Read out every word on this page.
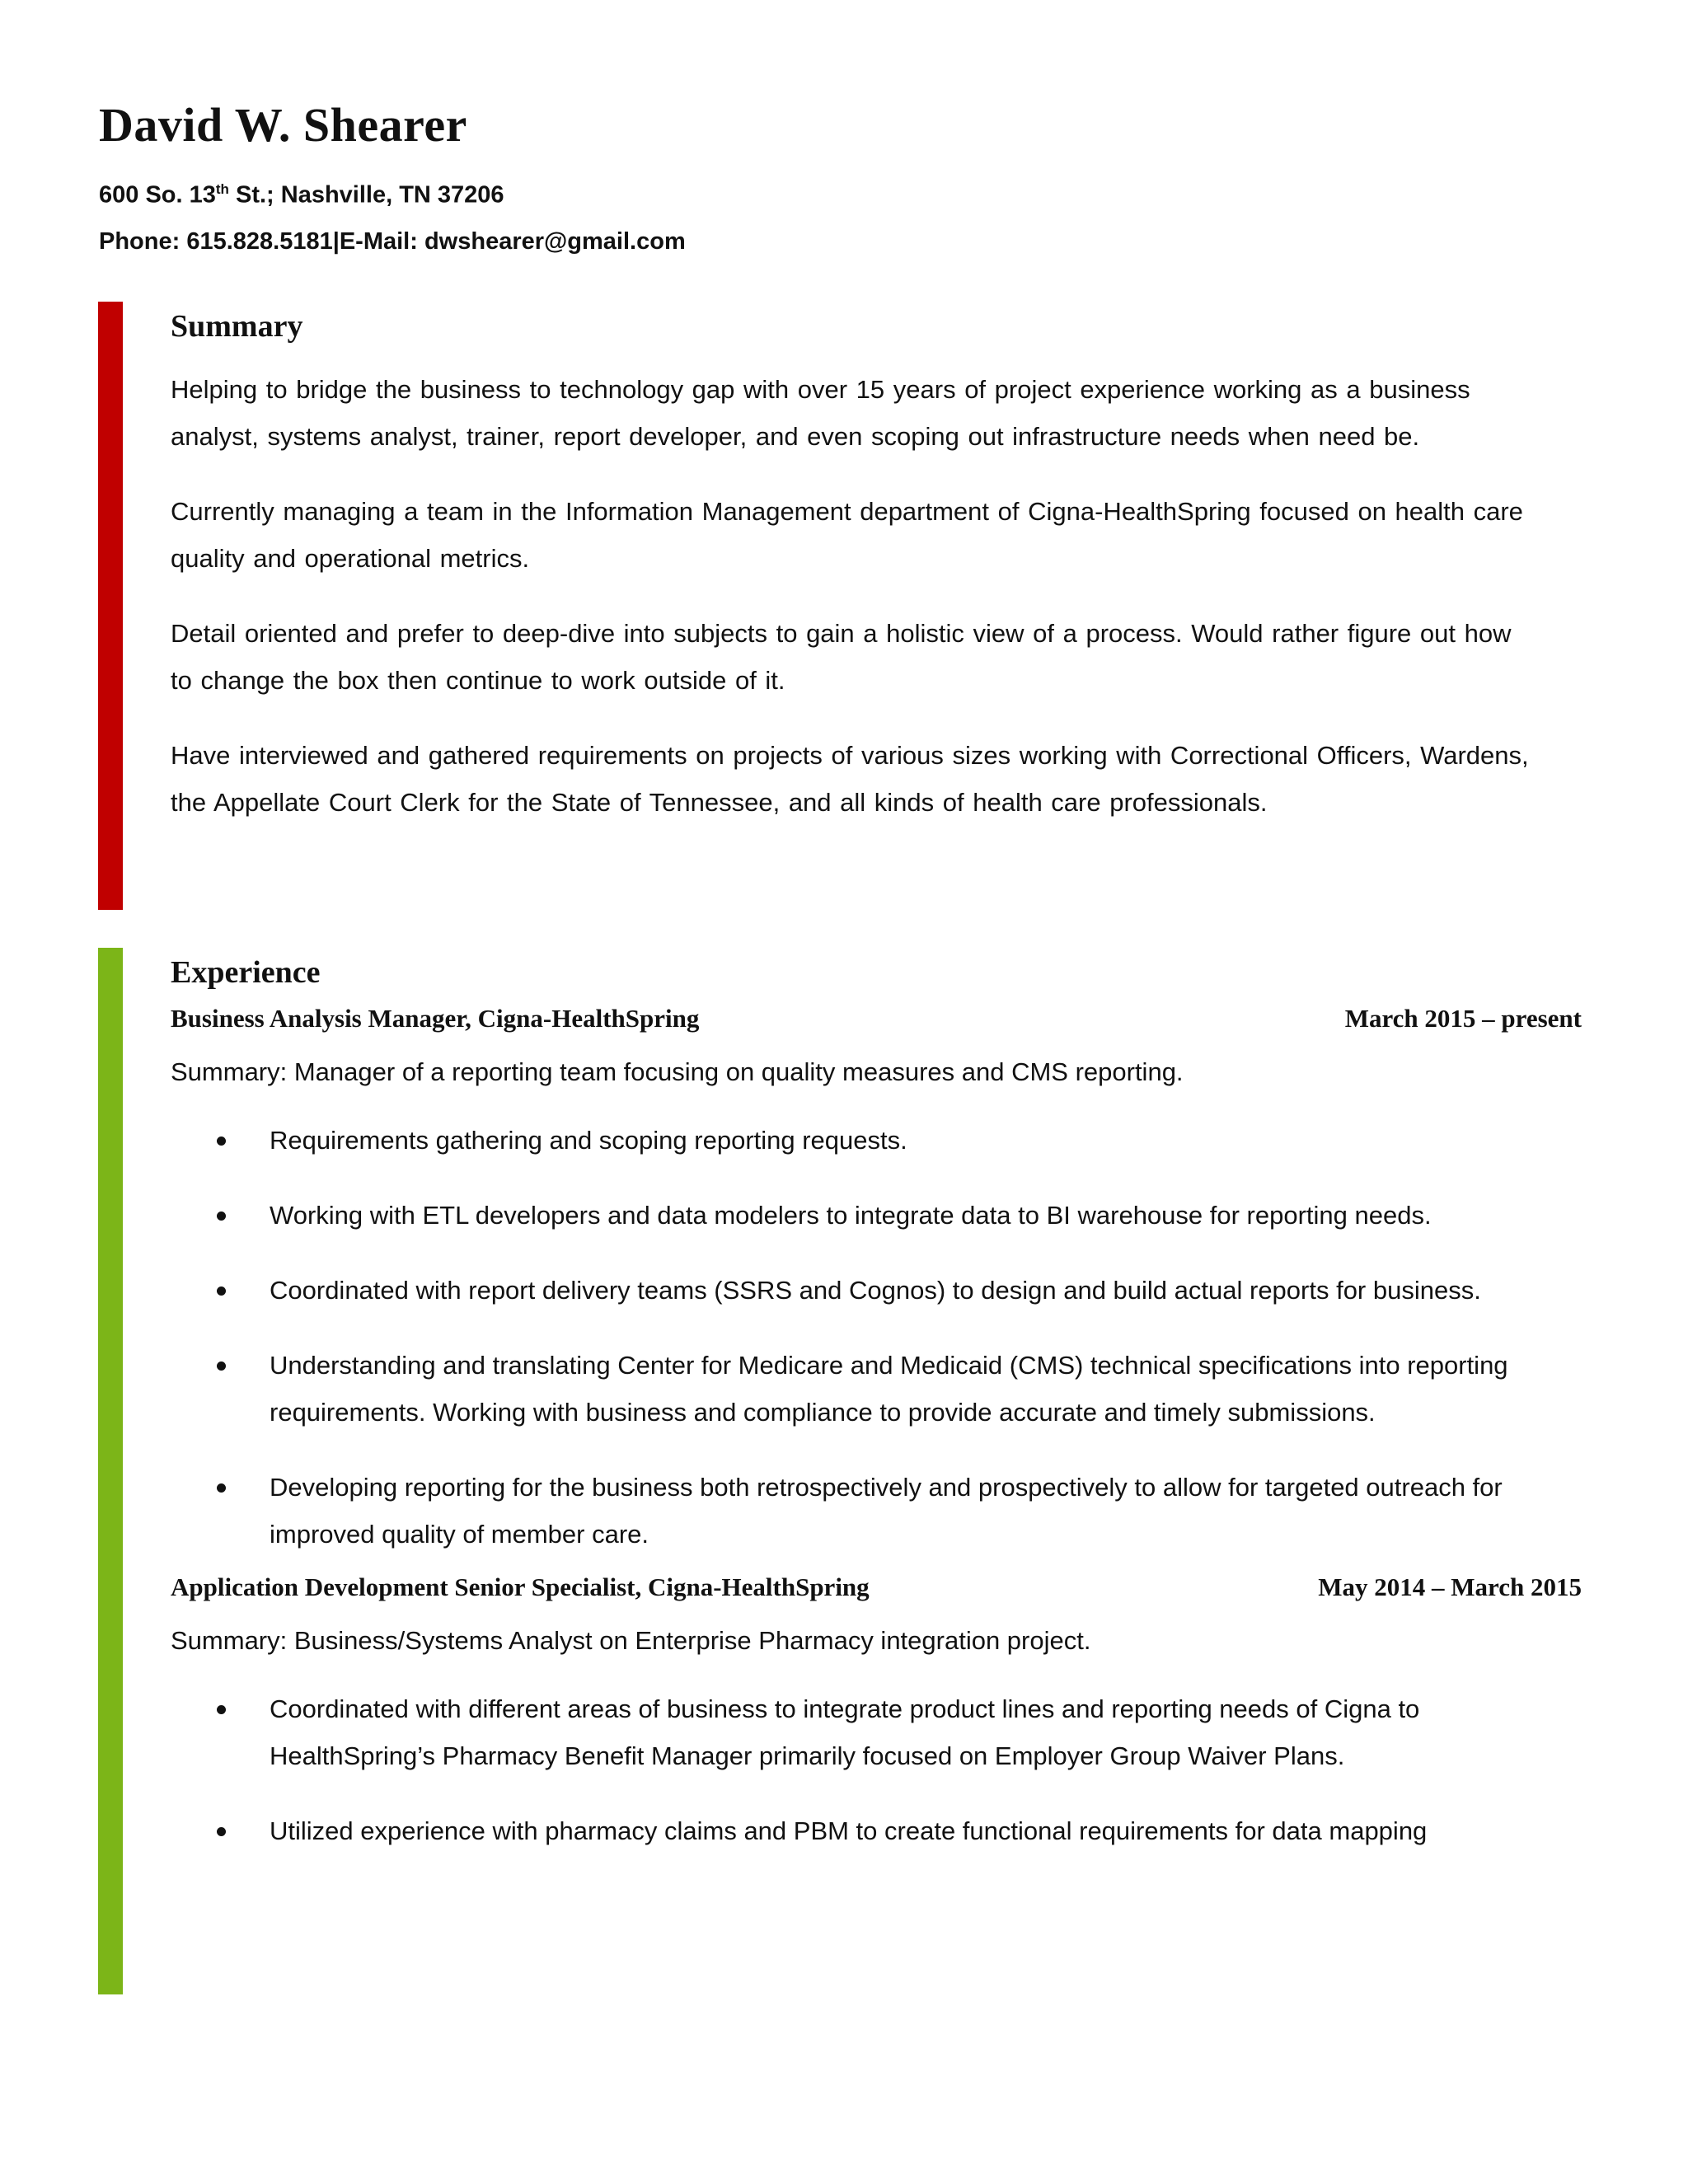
David W. Shearer

600 So. 13th St.; Nashville, TN 37206

Phone: 615.828.5181|E-Mail: dwshearer@gmail.com

Summary

Helping to bridge the business to technology gap with over 15 years of project experience working as a business analyst, systems analyst, trainer, report developer, and even scoping out infrastructure needs when need be.

Currently managing a team in the Information Management department of Cigna-HealthSpring focused on health care quality and operational metrics.

Detail oriented and prefer to deep-dive into subjects to gain a holistic view of a process. Would rather figure out how to change the box then continue to work outside of it.

Have interviewed and gathered requirements on projects of various sizes working with Correctional Officers, Wardens, the Appellate Court Clerk for the State of Tennessee, and all kinds of health care professionals.

Experience
Business Analysis Manager, Cigna-HealthSpring	March 2015 – present

Summary: Manager of a reporting team focusing on quality measures and CMS reporting.

Requirements gathering and scoping reporting requests.
Working with ETL developers and data modelers to integrate data to BI warehouse for reporting needs.
Coordinated with report delivery teams (SSRS and Cognos) to design and build actual reports for business.
Understanding and translating Center for Medicare and Medicaid (CMS) technical specifications into reporting requirements. Working with business and compliance to provide accurate and timely submissions.
Developing reporting for the business both retrospectively and prospectively to allow for targeted outreach for improved quality of member care.
Application Development Senior Specialist, Cigna-HealthSpring	May 2014 – March 2015

Summary: Business/Systems Analyst on Enterprise Pharmacy integration project.

Coordinated with different areas of business to integrate product lines and reporting needs of Cigna to HealthSpring’s Pharmacy Benefit Manager primarily focused on Employer Group Waiver Plans.
Utilized experience with pharmacy claims and PBM to create functional requirements for data mapping
